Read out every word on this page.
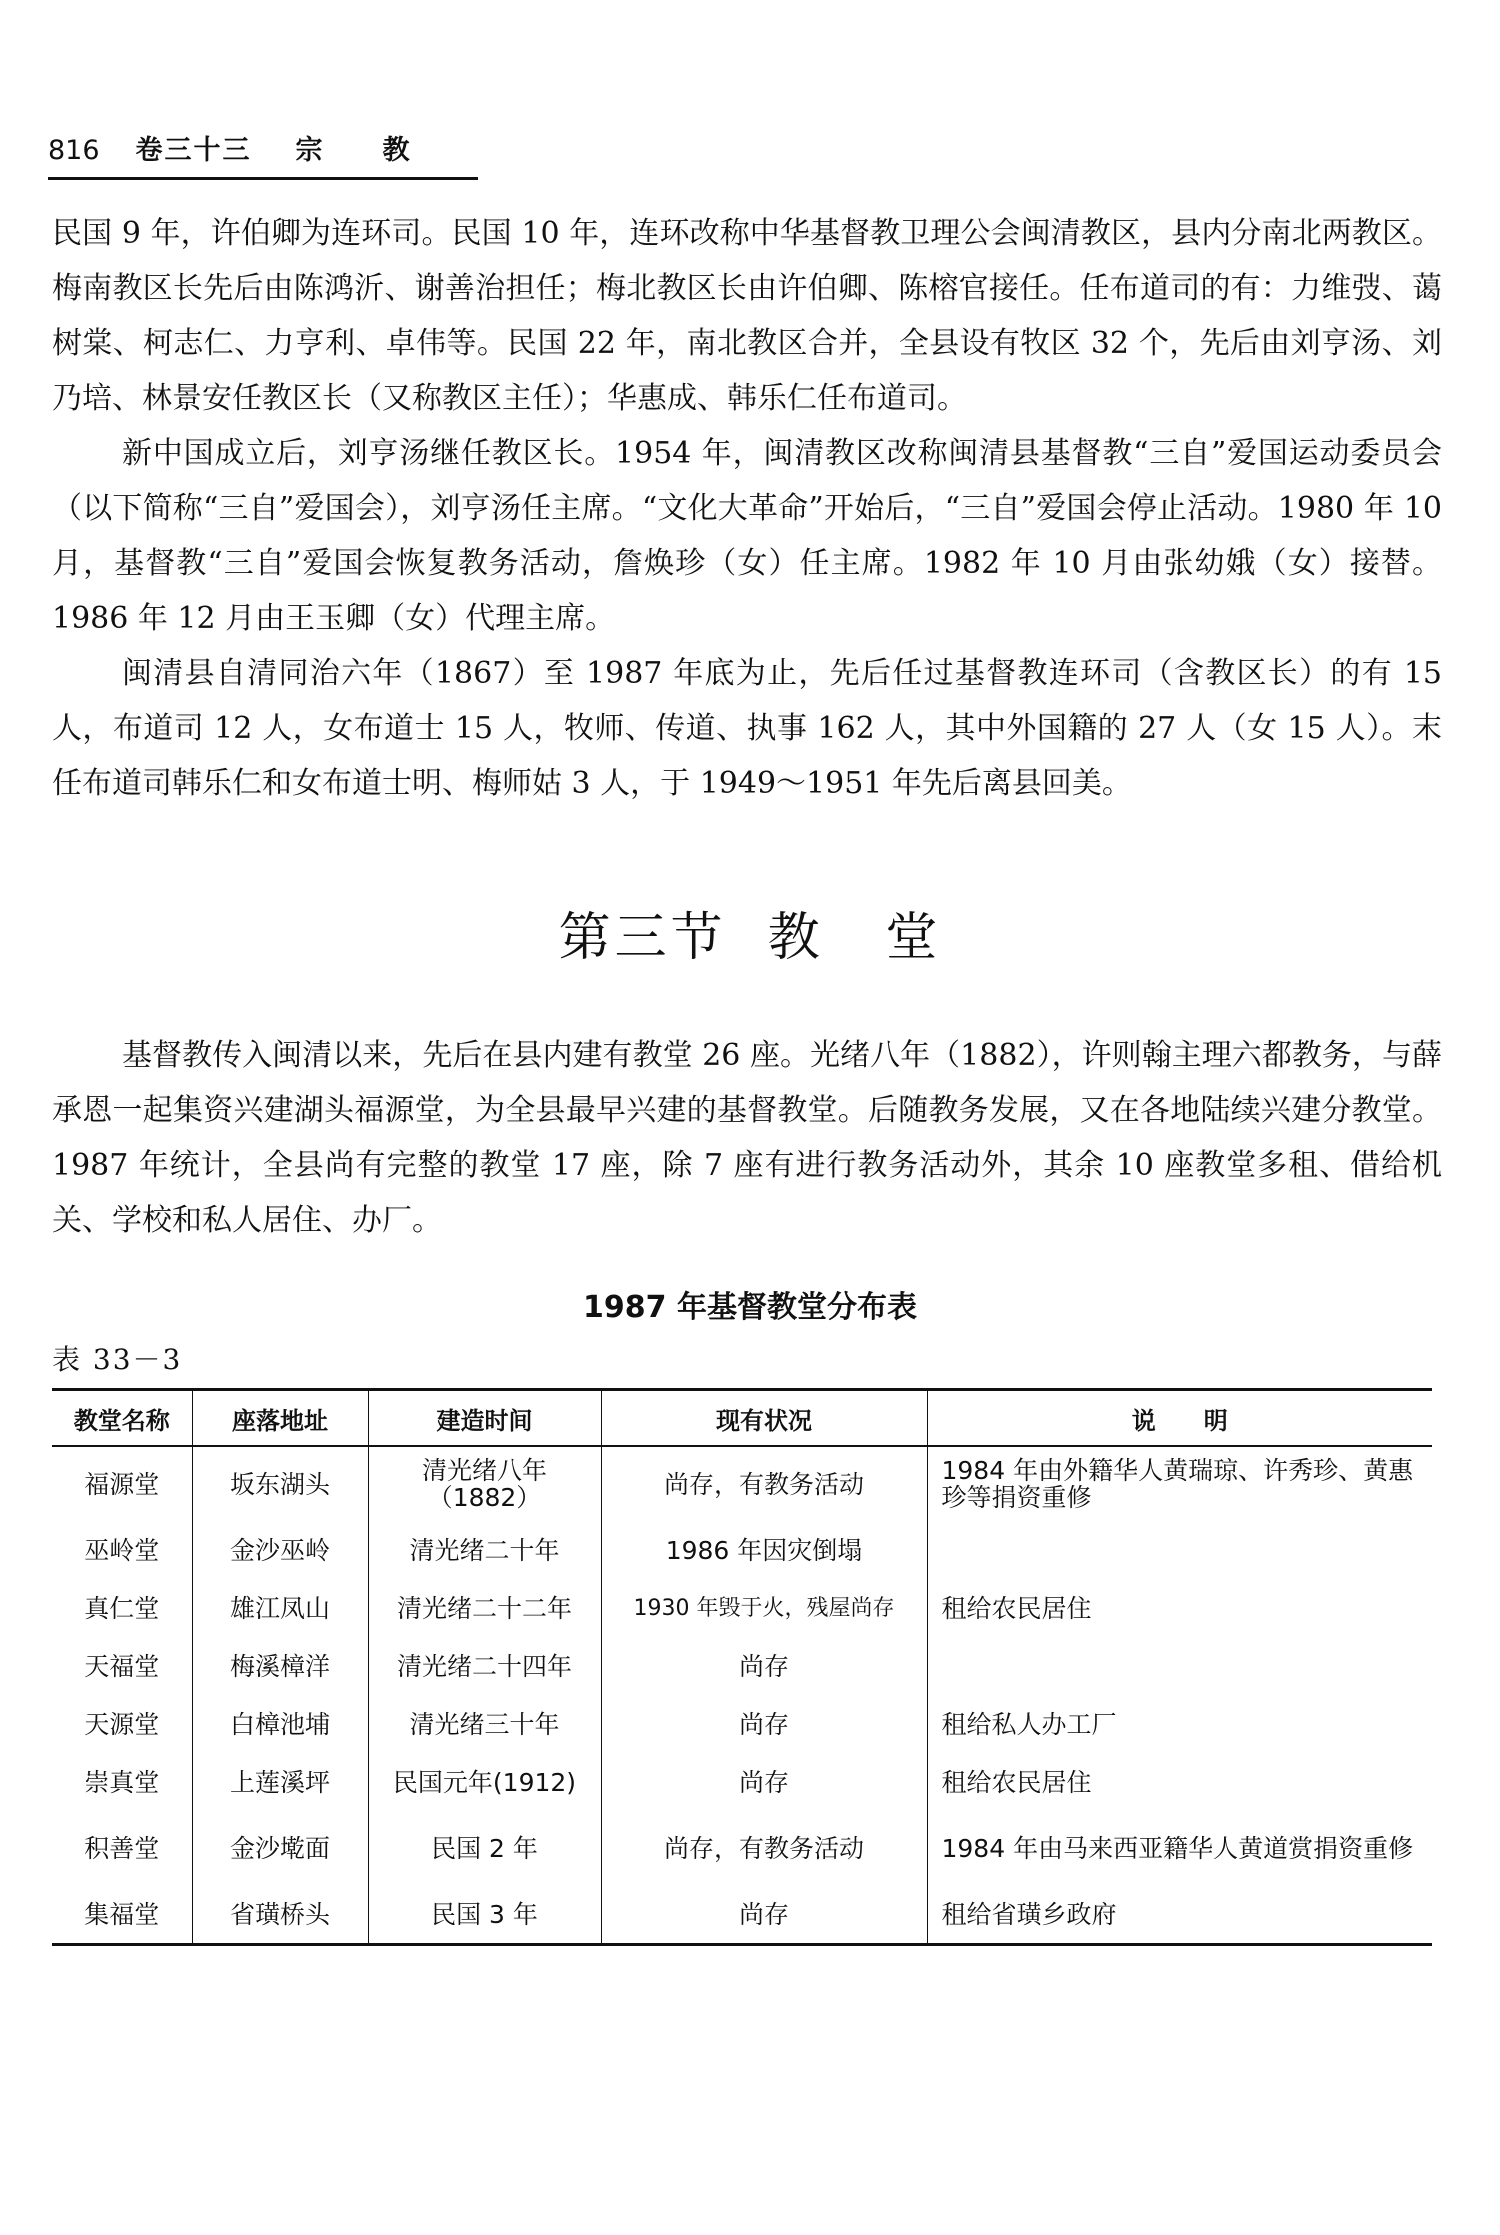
816 卷三十三 宗教

民国 9 年，许伯卿为连环司。民国 10 年，连环改称中华基督教卫理公会闽清教区，县内分南北两教区。梅南教区长先后由陈鸿沂、谢善治担任；梅北教区长由许伯卿、陈榕官接任。任布道司的有：力维弢、蔼树棠、柯志仁、力亨利、卓伟等。民国 22 年，南北教区合并，全县设有牧区 32 个，先后由刘亨汤、刘乃培、林景安任教区长（又称教区主任）；华惠成、韩乐仁任布道司。

新中国成立后，刘亨汤继任教区长。1954 年，闽清教区改称闽清县基督教“三自”爱国运动委员会（以下简称“三自”爱国会），刘亨汤任主席。“文化大革命”开始后，“三自”爱国会停止活动。1980 年 10 月，基督教“三自”爱国会恢复教务活动，詹焕珍（女）任主席。1982 年 10 月由张幼娥（女）接替。1986 年 12 月由王玉卿（女）代理主席。

闽清县自清同治六年（1867）至 1987 年底为止，先后任过基督教连环司（含教区长）的有 15 人，布道司 12 人，女布道士 15 人，牧师、传道、执事 162 人，其中外国籍的 27 人（女 15 人）。末任布道司韩乐仁和女布道士明、梅师姑 3 人，于 1949～1951 年先后离县回美。

第三节  教   堂

基督教传入闽清以来，先后在县内建有教堂 26 座。光绪八年（1882），许则翰主理六都教务，与薛承恩一起集资兴建湖头福源堂，为全县最早兴建的基督教堂。后随教务发展，又在各地陆续兴建分教堂。1987 年统计，全县尚有完整的教堂 17 座，除 7 座有进行教务活动外，其余 10 座教堂多租、借给机关、学校和私人居住、办厂。

1987 年基督教堂分布表
表 33－3
教堂名称	座落地址	建造时间	现有状况	说　　明
福源堂	坂东湖头	清光绪八年（1882）	尚存，有教务活动	1984 年由外籍华人黄瑞琼、许秀珍、黄惠珍等捐资重修
巫岭堂	金沙巫岭	清光绪二十年	1986 年因灾倒塌	
真仁堂	雄江凤山	清光绪二十二年	1930 年毁于火，残屋尚存	租给农民居住
天福堂	梅溪樟洋	清光绪二十四年	尚存	
天源堂	白樟池埔	清光绪三十年	尚存	租给私人办工厂
崇真堂	上莲溪坪	民国元年(1912)	尚存	租给农民居住
积善堂	金沙墘面	民国 2 年	尚存，有教务活动	1984 年由马来西亚籍华人黄道赏捐资重修
集福堂	省璜桥头	民国 3 年	尚存	租给省璜乡政府
